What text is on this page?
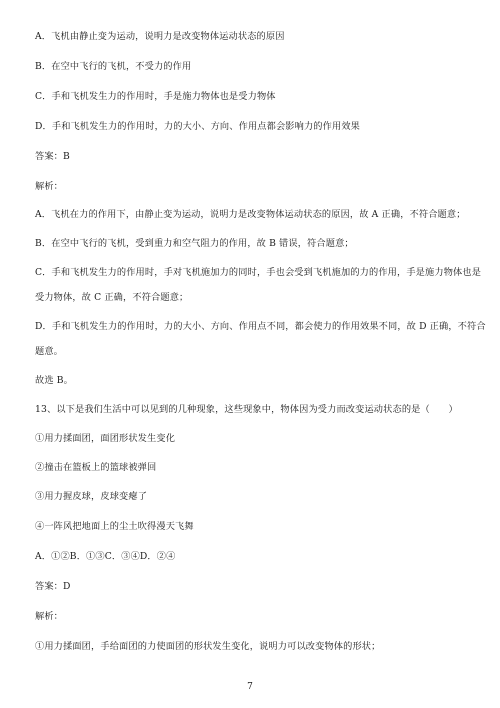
A．飞机由静止变为运动，说明力是改变物体运动状态的原因
B．在空中飞行的飞机，不受力的作用
C．手和飞机发生力的作用时，手是施力物体也是受力物体
D．手和飞机发生力的作用时，力的大小、方向、作用点都会影响力的作用效果
答案：B
解析：
A．飞机在力的作用下，由静止变为运动，说明力是改变物体运动状态的原因，故 A 正确，不符合题意；
B．在空中飞行的飞机，受到重力和空气阻力的作用，故 B 错误，符合题意；
C．手和飞机发生力的作用时，手对飞机施加力的同时，手也会受到飞机施加的力的作用，手是施力物体也是
受力物体，故 C 正确，不符合题意；
D．手和飞机发生力的作用时，力的大小、方向、作用点不同，都会使力的作用效果不同，故 D 正确，不符合
题意。
故选 B。
13、以下是我们生活中可以见到的几种现象，这些现象中，物体因为受力而改变运动状态的是（　　）
①用力揉面团，面团形状发生变化
②撞击在篮板上的篮球被弹回
③用力握皮球，皮球变瘪了
④一阵风把地面上的尘土吹得漫天飞舞
A．①②B．①③C．③④D．②④
答案：D
解析：
①用力揉面团，手给面团的力使面团的形状发生变化，说明力可以改变物体的形状；
7
